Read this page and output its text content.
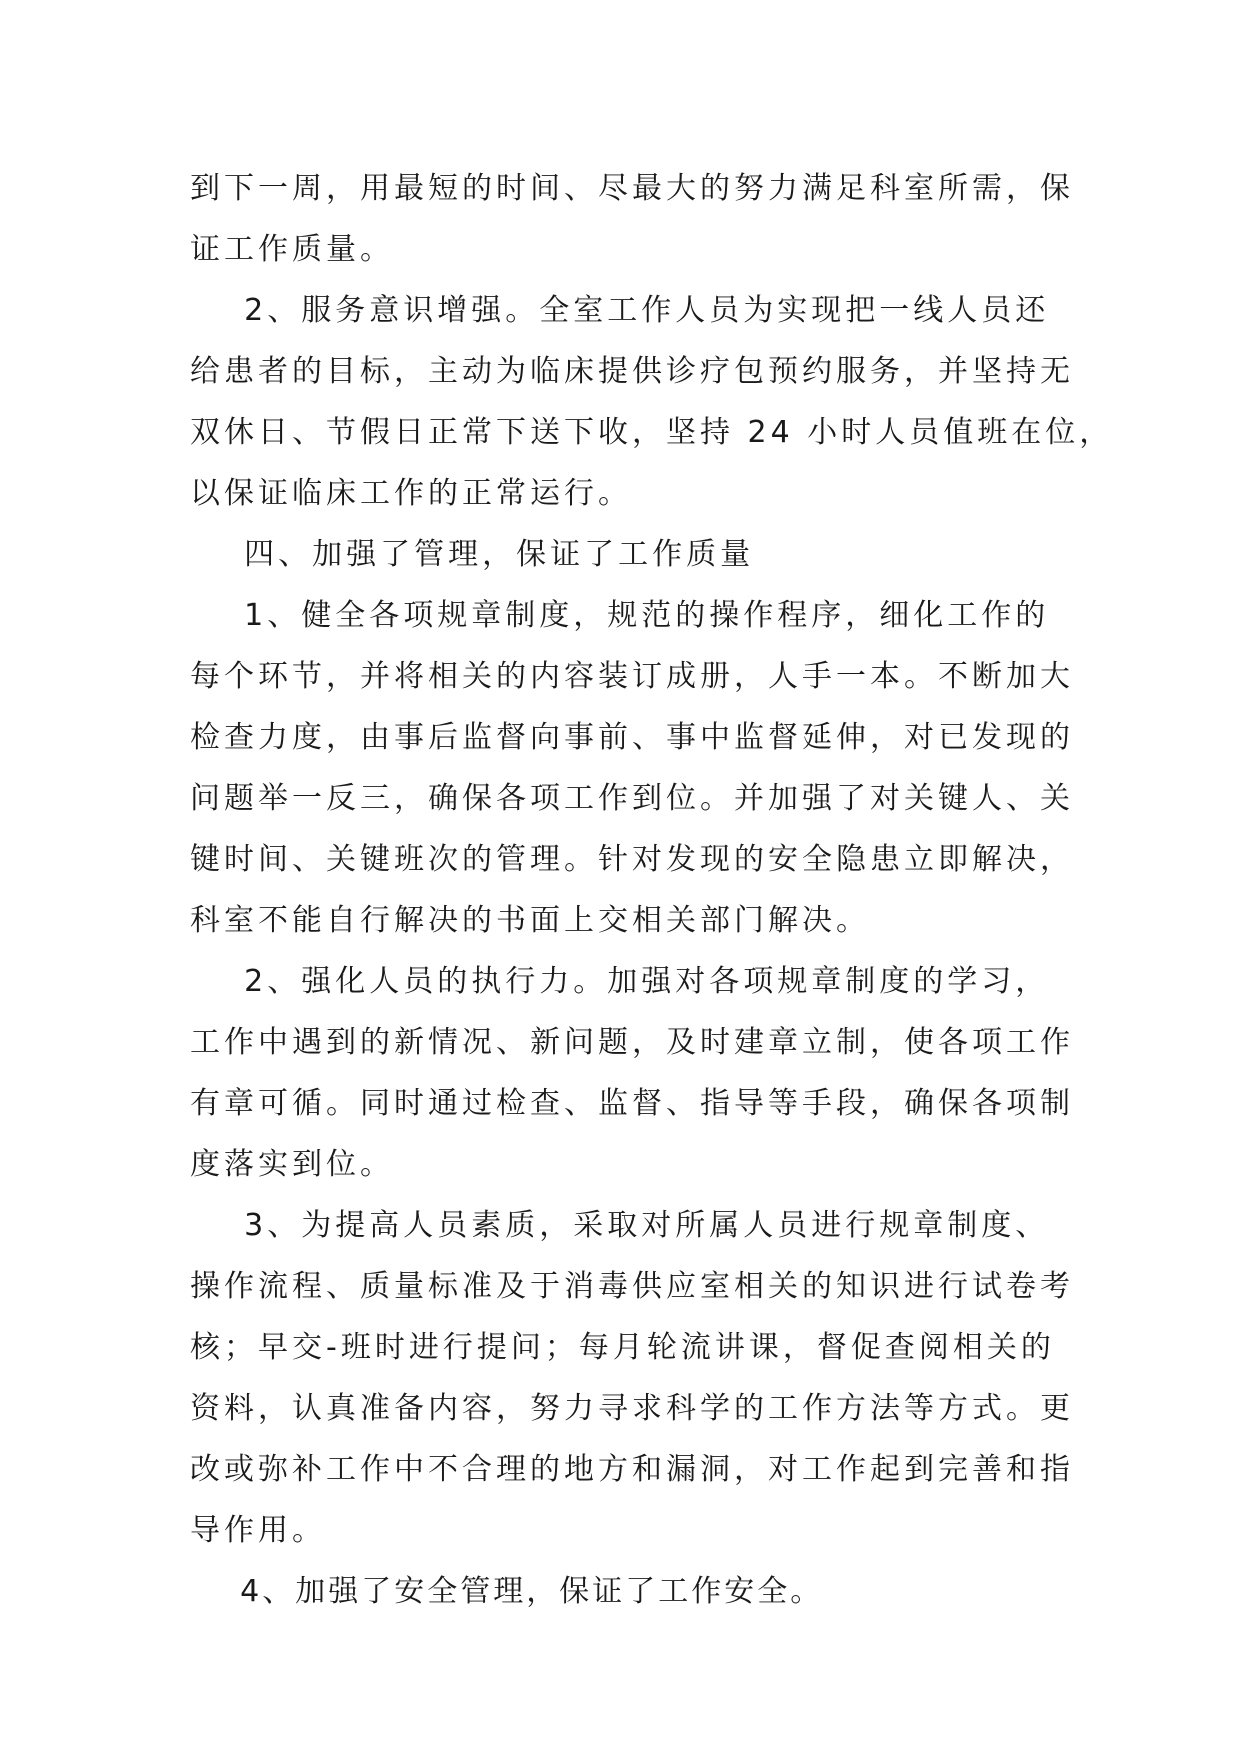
到下一周，用最短的时间、尽最大的努力满足科室所需，保
证工作质量。
2、服务意识增强。全室工作人员为实现把一线人员还
给患者的目标，主动为临床提供诊疗包预约服务，并坚持无
双休日、节假日正常下送下收，坚持 24 小时人员值班在位，
以保证临床工作的正常运行。
四、加强了管理，保证了工作质量
1、健全各项规章制度，规范的操作程序，细化工作的
每个环节，并将相关的内容装订成册，人手一本。不断加大
检查力度，由事后监督向事前、事中监督延伸，对已发现的
问题举一反三，确保各项工作到位。并加强了对关键人、关
键时间、关键班次的管理。针对发现的安全隐患立即解决，
科室不能自行解决的书面上交相关部门解决。
2、强化人员的执行力。加强对各项规章制度的学习，
工作中遇到的新情况、新问题，及时建章立制，使各项工作
有章可循。同时通过检查、监督、指导等手段，确保各项制
度落实到位。
3、为提高人员素质，采取对所属人员进行规章制度、
操作流程、质量标准及于消毒供应室相关的知识进行试卷考
核；早交-班时进行提问；每月轮流讲课，督促查阅相关的
资料，认真准备内容，努力寻求科学的工作方法等方式。更
改或弥补工作中不合理的地方和漏洞，对工作起到完善和指
导作用。
4、加强了安全管理，保证了工作安全。
